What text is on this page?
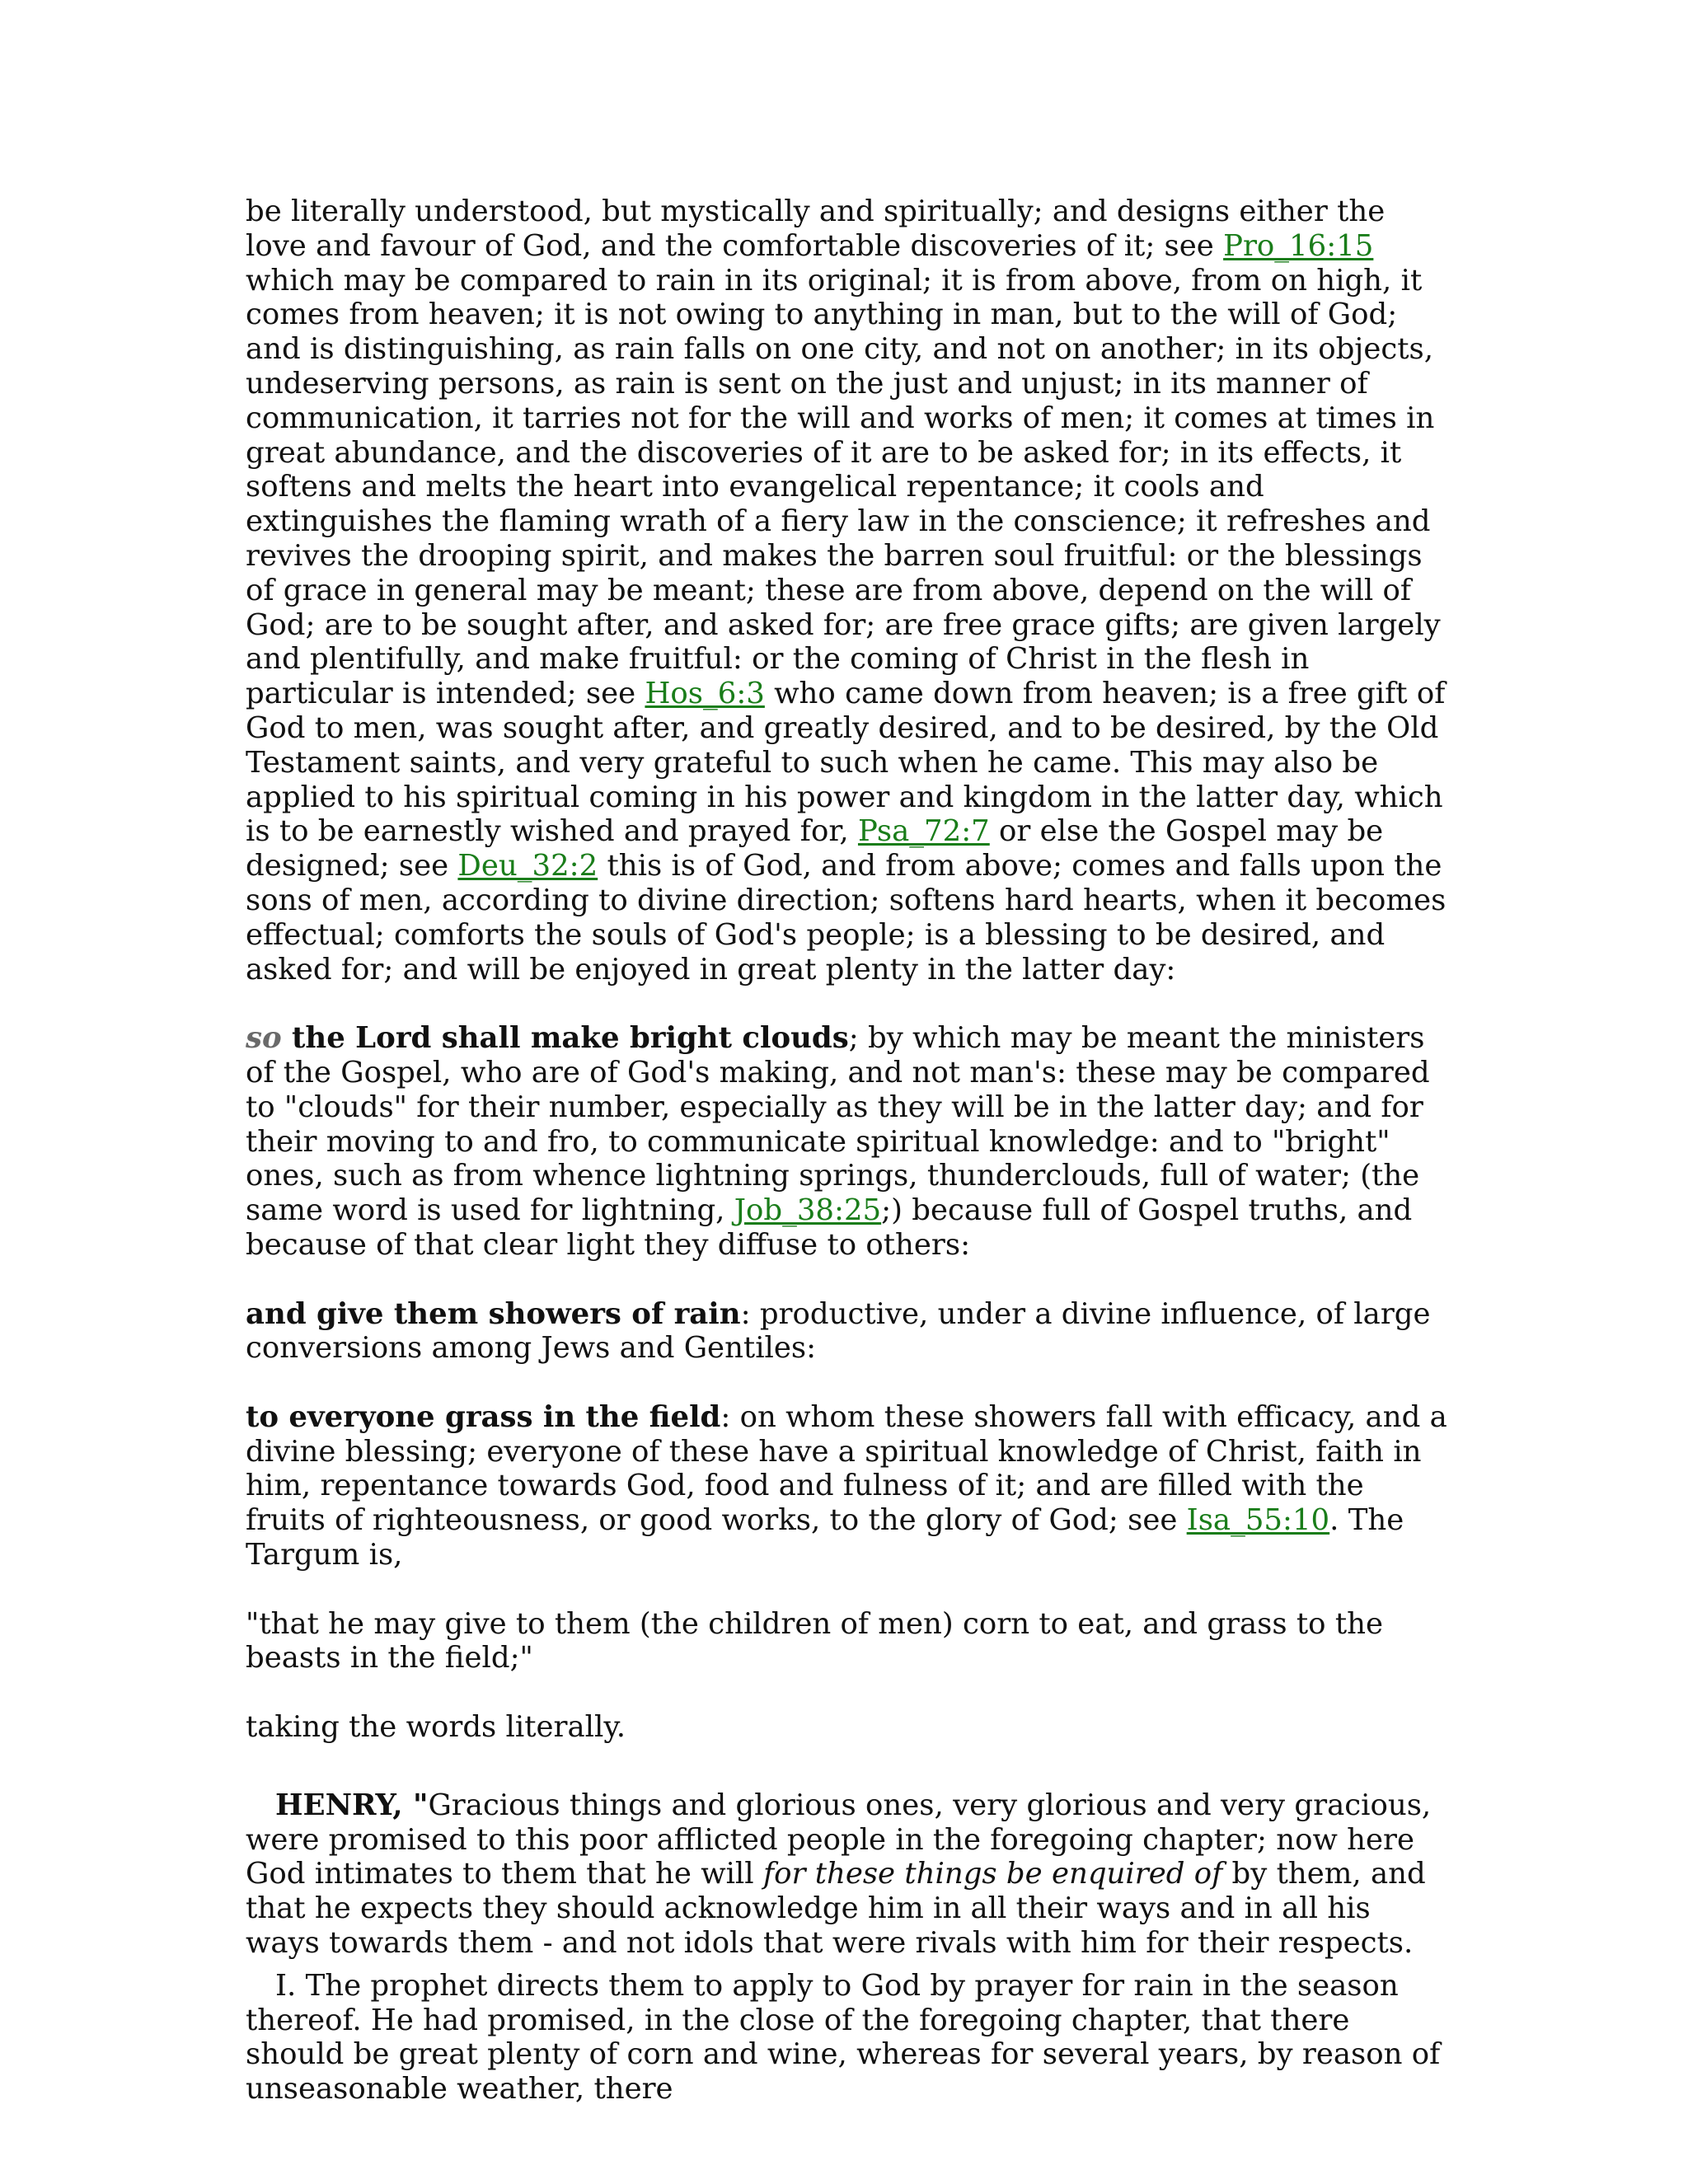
be literally understood, but mystically and spiritually; and designs either the love and favour of God, and the comfortable discoveries of it; see Pro_16:15 which may be compared to rain in its original; it is from above, from on high, it comes from heaven; it is not owing to anything in man, but to the will of God; and is distinguishing, as rain falls on one city, and not on another; in its objects, undeserving persons, as rain is sent on the just and unjust; in its manner of communication, it tarries not for the will and works of men; it comes at times in great abundance, and the discoveries of it are to be asked for; in its effects, it softens and melts the heart into evangelical repentance; it cools and extinguishes the flaming wrath of a fiery law in the conscience; it refreshes and revives the drooping spirit, and makes the barren soul fruitful: or the blessings of grace in general may be meant; these are from above, depend on the will of God; are to be sought after, and asked for; are free grace gifts; are given largely and plentifully, and make fruitful: or the coming of Christ in the flesh in particular is intended; see Hos_6:3 who came down from heaven; is a free gift of God to men, was sought after, and greatly desired, and to be desired, by the Old Testament saints, and very grateful to such when he came. This may also be applied to his spiritual coming in his power and kingdom in the latter day, which is to be earnestly wished and prayed for, Psa_72:7 or else the Gospel may be designed; see Deu_32:2 this is of God, and from above; comes and falls upon the sons of men, according to divine direction; softens hard hearts, when it becomes effectual; comforts the souls of God's people; is a blessing to be desired, and asked for; and will be enjoyed in great plenty in the latter day:

so the Lord shall make bright clouds; by which may be meant the ministers of the Gospel, who are of God's making, and not man's: these may be compared to "clouds" for their number, especially as they will be in the latter day; and for their moving to and fro, to communicate spiritual knowledge: and to "bright" ones, such as from whence lightning springs, thunderclouds, full of water; (the same word is used for lightning, Job_38:25;) because full of Gospel truths, and because of that clear light they diffuse to others:

and give them showers of rain: productive, under a divine influence, of large conversions among Jews and Gentiles:

to everyone grass in the field: on whom these showers fall with efficacy, and a divine blessing; everyone of these have a spiritual knowledge of Christ, faith in him, repentance towards God, food and fulness of it; and are filled with the fruits of righteousness, or good works, to the glory of God; see Isa_55:10. The Targum is,

"that he may give to them (the children of men) corn to eat, and grass to the beasts in the field;"

taking the words literally.

HENRY, "Gracious things and glorious ones, very glorious and very gracious, were promised to this poor afflicted people in the foregoing chapter; now here God intimates to them that he will for these things be enquired of by them, and that he expects they should acknowledge him in all their ways and in all his ways towards them - and not idols that were rivals with him for their respects.

I. The prophet directs them to apply to God by prayer for rain in the season thereof. He had promised, in the close of the foregoing chapter, that there should be great plenty of corn and wine, whereas for several years, by reason of unseasonable weather, there
